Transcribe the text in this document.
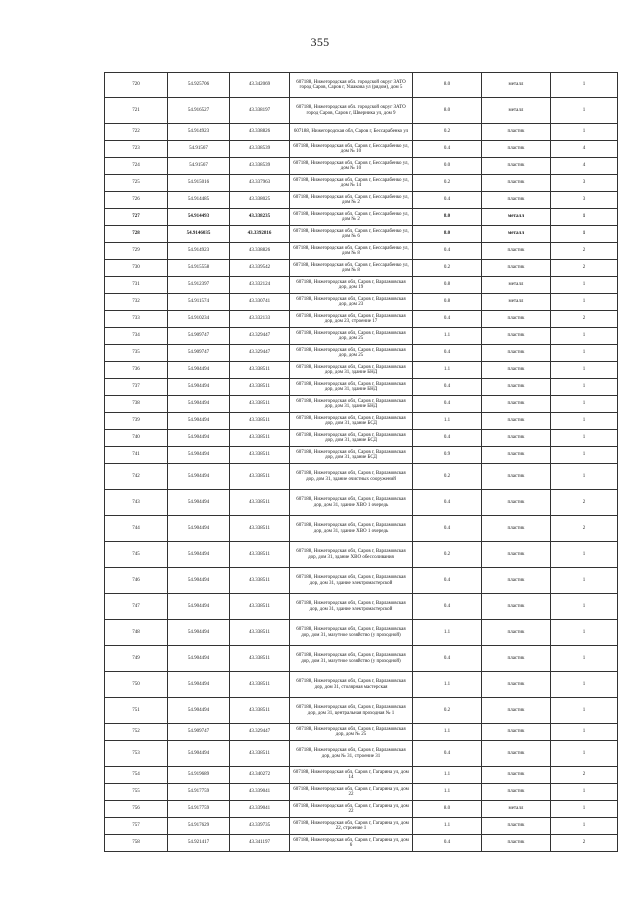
355
720	54.925706	43.342069	607188, Нижегородская обл. городской округ ЗАТО город Саров, Саров г, Ушакова ул (рядом), дом 5	8.0	металл	1
721	54.916527	43.338197	607188, Нижегородская обл. городской округ ЗАТО город Саров, Саров г, Шверника ул, дом 9	8.0	металл	1
722	54.914923	43.338826	607188, Нижегородская обл, Саров г, Бессарабенко ул	0.2	пластик	1
723	54.91567	43.338539	607188, Нижегородская обл, Саров г, Бессарабенко ул, дом № 10	0.4	пластик	4
724	54.91567	43.338539	607188, Нижегородская обл, Саров г, Бессарабенко ул, дом № 10	0.0	пластик	4
725	54.915016	43.337963	607188, Нижегородская обл, Саров г, Бессарабенко ул, дом № 14	0.2	пластик	3
726	54.914485	43.338025	607188, Нижегородская обл, Саров г, Бессарабенко ул, дом № 2	0.4	пластик	3
727	54.914493	43.338235	607188, Нижегородская обл, Саров г, Бессарабенко ул, дом № 2	8.0	металл	1
728	54.9146035	43.3392816	607188, Нижегородская обл, Саров г, Бессарабенко ул, дом № 6	8.0	металл	1
729	54.914923	43.338826	607188, Нижегородская обл, Саров г, Бессарабенко ул, дом № 8	0.4	пластик	2
730	54.915558	43.339542	607188, Нижегородская обл, Саров г, Бессарабенко ул, дом № 8	0.2	пластик	2
731	54.912397	43.332124	607188, Нижегородская обл, Саров г, Варламовская дор, дом 19	0.8	металл	1
732	54.911574	43.330741	607188, Нижегородская обл, Саров г, Варламовская дор, дом 23	0.8	металл	1
733	54.910234	43.332133	607188, Нижегородская обл, Саров г, Варламовская дор, дом 23, строение 17	0.4	пластик	2
734	54.909747	43.329447	607188, Нижегородская обл, Саров г, Варламовская дор, дом 25	1.1	пластик	1
735	54.909747	43.329447	607188, Нижегородская обл, Саров г, Варламовская дор, дом 25	0.4	пластик	1
736	54.904494	43.338511	607188, Нижегородская обл, Саров г, Варламовская дор, дом 31, здание БНД	1.1	пластик	1
737	54.904494	43.338511	607188, Нижегородская обл, Саров г, Варламовская дор, дом 31, здание БНД	0.4	пластик	1
738	54.904494	43.338511	607188, Нижегородская обл, Саров г, Варламовская дор, дом 31, здание БНД	0.4	пластик	1
739	54.904494	43.338511	607188, Нижегородская обл, Саров г, Варламовская дор, дом 31, здание БСД	1.1	пластик	1
740	54.904494	43.338511	607188, Нижегородская обл, Саров г, Варламовская дор, дом 31, здание БСД	0.4	пластик	1
741	54.904494	43.338511	607188, Нижегородская обл, Саров г, Варламовская дор, дом 31, здание БСД	0.9	пластик	1
742	54.904494	43.338511	607188, Нижегородская обл, Саров г, Варламовская дор, дом 31, здание очистных сооружений	0.2	пластик	1
743	54.904494	43.338511	607188, Нижегородская обл, Саров г, Варламовская дор, дом 31, здание ХВО 1 очередь	0.4	пластик	2
744	54.904494	43.338511	607188, Нижегородская обл, Саров г, Варламовская дор, дом 31, здание ХВО 1 очередь	0.4	пластик	2
745	54.904494	43.338511	607188, Нижегородская обл, Саров г, Варламовская дор, дом 31, здание ХВО обессоливания	0.2	пластик	1
746	54.904494	43.338511	607188, Нижегородская обл, Саров г, Варламовская дор, дом 31, здание электромастерской	0.4	пластик	1
747	54.904494	43.338511	607188, Нижегородская обл, Саров г, Варламовская дор, дом 31, здание электромастерской	0.4	пластик	1
748	54.904494	43.338511	607188, Нижегородская обл, Саров г, Варламовская дор, дом 31, мазутное хозяйство (у проходной)	1.1	пластик	1
749	54.904494	43.338511	607188, Нижегородская обл, Саров г, Варламовская дор, дом 31, мазутное хозяйство (у проходной)	0.4	пластик	1
750	54.904494	43.338511	607188, Нижегородская обл, Саров г, Варламовская дор, дом 31, столярная мастерская	1.1	пластик	1
751	54.904494	43.338511	607188, Нижегородская обл, Саров г, Варламовская дор, дом 31, центральная проходная № 1	0.2	пластик	1
752	54.909747	43.329447	607188, Нижегородская обл, Саров г, Варламовская дор, дом № 25	1.1	пластик	1
753	54.904494	43.338511	607188, Нижегородская обл, Саров г, Варламовская дор, дом № 31, строение 31	0.4	пластик	1
754	54.919689	43.340272	607188, Нижегородская обл, Саров г, Гагарина ул, дом 14	1.1	пластик	2
755	54.917759	43.339041	607188, Нижегородская обл, Саров г, Гагарина ул, дом 22	1.1	пластик	1
756	54.917759	43.339041	607188, Нижегородская обл, Саров г, Гагарина ул, дом 22	8.0	металл	1
757	54.917629	43.339735	607188, Нижегородская обл, Саров г, Гагарина ул, дом 22, строение 1	1.1	пластик	1
758	54.921417	43.341197	607188, Нижегородская обл, Саров г, Гагарина ул, дом 6	0.4	пластик	2
